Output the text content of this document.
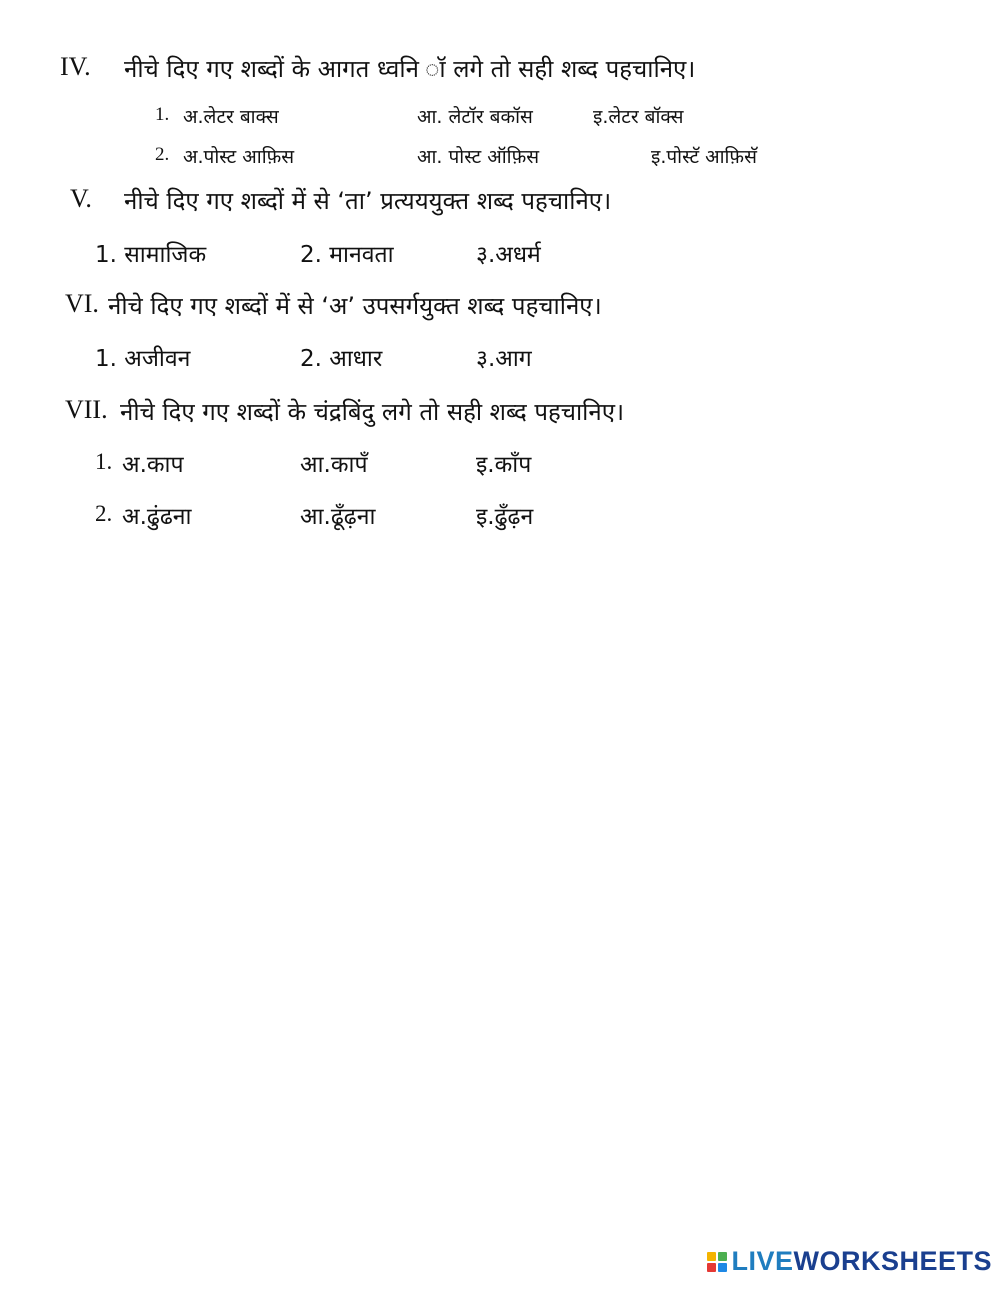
IV. नीचे दिए गए शब्दों के आगत ध्वनि ॉ लगे तो सही शब्द पहचानिए।
1. अ.लेटर बाक्स	आ. लेटॉर बकॉस	इ.लेटर बॉक्स
2. अ.पोस्ट आफ़िस	आ. पोस्ट ऑफ़िस	इ.पोस्टॅ आफ़िसॅ
V. नीचे दिए गए शब्दों में से ‘ता’ प्रत्यययुक्त शब्द पहचानिए।
1. सामाजिक	2. मानवता	३.अधर्म
VI. नीचे दिए गए शब्दों में से ‘अ’ उपसर्गयुक्त शब्द पहचानिए।
1. अजीवन	2. आधार	३.आग
VII. नीचे दिए गए शब्दों के चंद्रबिंदु लगे तो सही शब्द पहचानिए।
1. अ.काप	आ.कापँ	इ.काँप
2. अ.ढुंढना	आ.ढूँढ़ना	इ.ढुँढ़न
LIVEWORKSHEETS
